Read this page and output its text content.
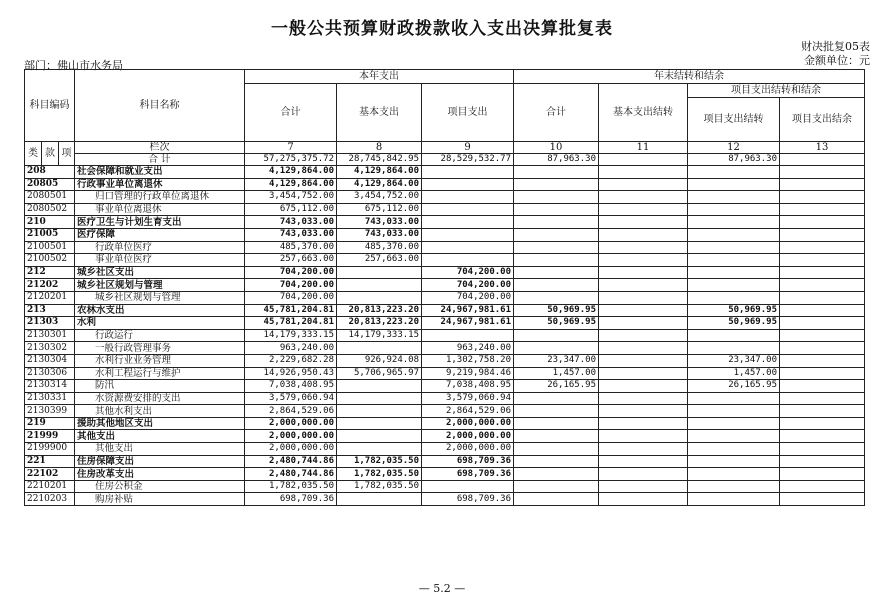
一般公共预算财政拨款收入支出决算批复表
财决批复05表
金额单位：元
部门：佛山市水务局
科目编码			科目名称	本年支出			年末结转和结余			
				合计	基本支出	项目支出	合计	基本支出结转	项目支出结转和结余	
									项目支出结转	项目支出结余
类	款	项	栏次	7	8	9	10	11	12	13
			合 计	57,275,375.72	28,745,842.95	28,529,532.77	87,963.30		87,963.30	
208			社会保障和就业支出	4,129,864.00	4,129,864.00					
20805			行政事业单位离退休	4,129,864.00	4,129,864.00					
2080501			归口管理的行政单位离退休	3,454,752.00	3,454,752.00					
2080502			事业单位离退休	675,112.00	675,112.00					
210			医疗卫生与计划生育支出	743,033.00	743,033.00					
21005			医疗保障	743,033.00	743,033.00					
2100501			行政单位医疗	485,370.00	485,370.00					
2100502			事业单位医疗	257,663.00	257,663.00					
212			城乡社区支出	704,200.00		704,200.00				
21202			城乡社区规划与管理	704,200.00		704,200.00				
2120201			城乡社区规划与管理	704,200.00		704,200.00				
213			农林水支出	45,781,204.81	20,813,223.20	24,967,981.61	50,969.95		50,969.95	
21303			水利	45,781,204.81	20,813,223.20	24,967,981.61	50,969.95		50,969.95	
2130301			行政运行	14,179,333.15	14,179,333.15					
2130302			一般行政管理事务	963,240.00		963,240.00				
2130304			水利行业业务管理	2,229,682.28	926,924.08	1,302,758.20	23,347.00		23,347.00	
2130306			水利工程运行与维护	14,926,950.43	5,706,965.97	9,219,984.46	1,457.00		1,457.00	
2130314			防汛	7,038,408.95		7,038,408.95	26,165.95		26,165.95	
2130331			水资源费安排的支出	3,579,060.94		3,579,060.94				
2130399			其他水利支出	2,864,529.06		2,864,529.06				
219			援助其他地区支出	2,000,000.00		2,000,000.00				
21999			其他支出	2,000,000.00		2,000,000.00				
2199900			其他支出	2,000,000.00		2,000,000.00				
221			住房保障支出	2,480,744.86	1,782,035.50	698,709.36				
22102			住房改革支出	2,480,744.86	1,782,035.50	698,709.36				
2210201			住房公积金	1,782,035.50	1,782,035.50					
2210203			购房补贴	698,709.36		698,709.36				
— 5.2 —
